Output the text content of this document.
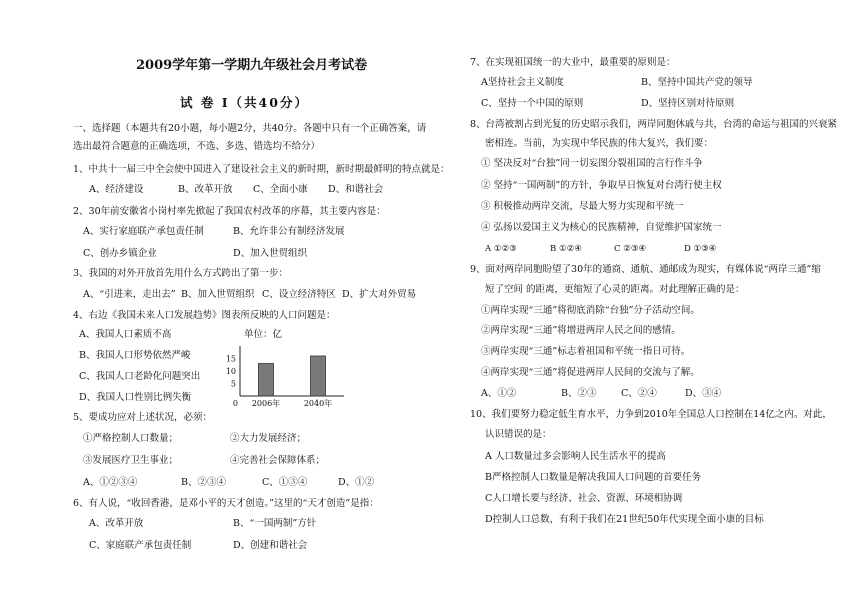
2009学年第一学期九年级社会月考试卷
试 卷 Ⅰ（共40分）
一、选择题（本题共有20小题，每小题2分，共40分。各题中只有一个正确答案，请
选出最符合题意的正确选项，不选、多选、错选均不给分）
1、中共十一届三中全会使中国进入了建设社会主义的新时期，新时期最鲜明的特点就是：
A、经济建设	B、改革开放 C、全面小康 D、和谐社会
2、30年前安徽省小岗村率先掀起了我国农村改革的序幕，其主要内容是：
A、实行家庭联产承包责任制	B、允许非公有制经济发展
C、创办乡镇企业	D、加入世贸组织
3、我国的对外开放首先用什么方式跨出了第一步：
A、“引进来，走出去” B、加入世贸组织 C、设立经济特区 D、扩大对外贸易
4、右边《我国未来人口发展趋势》图表所反映的人口问题是：
A、我国人口素质不高
B、我国人口形势依然严峻
C、我国人口老龄化问题突出
D、我国人口性别比例失衡
单位：亿
15
10
5
0 2006年	2040年
5、要成功应对上述状况，必须：
①严格控制人口数量；	②大力发展经济；
③发展医疗卫生事业；	④完善社会保障体系；
A、①②③④	B、②③④	C、①③④	D、①②
6、有人说，“收回香港，是邓小平的天才创造。”这里的“天才创造”是指：
A、改革开放	B、“一国两制”方针
C、家庭联产承包责任制	D、创建和谐社会
7、在实现祖国统一的大业中，最重要的原则是：
A坚持社会主义制度	B、坚持中国共产党的领导
C、坚持一个中国的原则	D、坚持区别对待原则
8、台湾被割占到光复的历史昭示我们，两岸同胞休戚与共，台湾的命运与祖国的兴衰紧
密相连。当前，为实现中华民族的伟大复兴，我们要：
① 坚决反对“台独”同一切妄图分裂祖国的言行作斗争
② 坚持“一国两制”的方针，争取早日恢复对台湾行使主权
③ 积极推动两岸交流，尽最大努力实现和平统一
④ 弘扬以爱国主义为核心的民族精神，自觉维护国家统一
A ①②③	B ①②④	C ②③④	D ①③④
9、面对两岸同胞盼望了30年的通商、通航、通邮成为现实，有媒体说“两岸三通”缩
短了空间 的距离，更缩短了心灵的距离。对此理解正确的是：
①两岸实现“三通”将彻底消除“台独”分子活动空间。
②两岸实现“三通”将增进两岸人民之间的感情。
③两岸实现“三通”标志着祖国和平统一指日可待。
④两岸实现“三通”将促进两岸人民间的交流与了解。
A、①②	B、②③	C、②④	D、③④
10、我们要努力稳定低生育水平，力争到2010年全国总人口控制在14亿之内。对此，
认识错误的是：
A 人口数量过多会影响人民生活水平的提高
B严格控制人口数量是解决我国人口问题的首要任务
C人口增长要与经济、社会、资源、环境相协调
D控制人口总数，有利于我们在21世纪50年代实现全面小康的目标
